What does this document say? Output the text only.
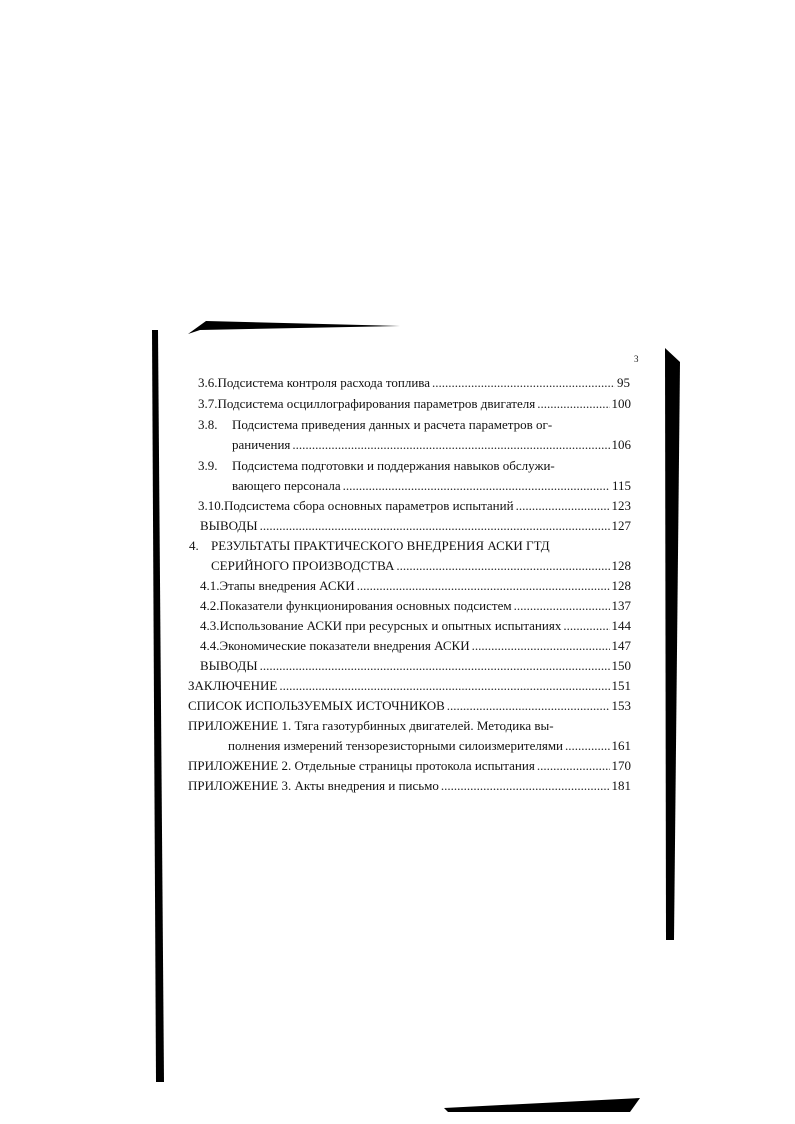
3
3.6. Подсистема контроля расхода топлива .....	95
3.7. Подсистема осциллографирования параметров двигателя .....	100
3.8. Подсистема приведения данных и расчета параметров ог-
раничения .....	106
3.9. Подсистема подготовки и поддержания навыков обслужи-
вающего персонала .....	115
3.10. Подсистема сбора основных параметров испытаний .....	123
ВЫВОДЫ .....	127
4. РЕЗУЛЬТАТЫ ПРАКТИЧЕСКОГО ВНЕДРЕНИЯ АСКИ ГТД
СЕРИЙНОГО ПРОИЗВОДСТВА .....	128
4.1. Этапы внедрения АСКИ .....	128
4.2. Показатели функционирования основных подсистем .....	137
4.3. Использование АСКИ при ресурсных и опытных испытаниях .....	144
4.4. Экономические показатели внедрения АСКИ .....	147
ВЫВОДЫ .....	150
ЗАКЛЮЧЕНИЕ .....	151
СПИСОК ИСПОЛЬЗУЕМЫХ ИСТОЧНИКОВ .....	153
ПРИЛОЖЕНИЕ 1. Тяга газотурбинных двигателей. Методика вы-
полнения измерений тензорезисторными силоизмерителями .....	161
ПРИЛОЖЕНИЕ 2. Отдельные страницы протокола испытания .....	170
ПРИЛОЖЕНИЕ 3. Акты внедрения и письмо .....	181
